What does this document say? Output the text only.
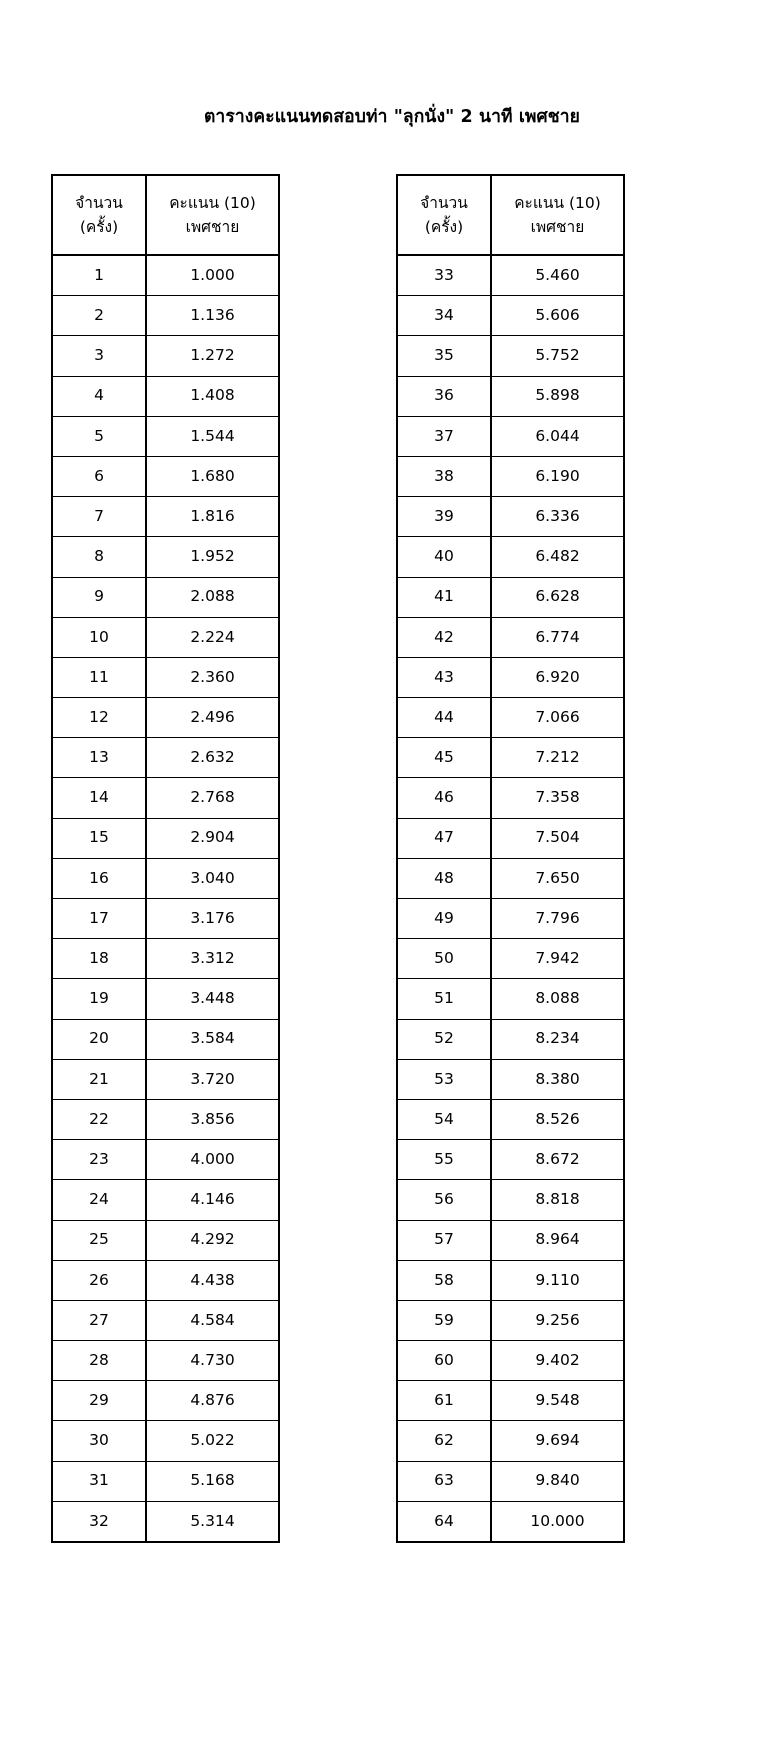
ตารางคะแนนทดสอบท่า "ลุกนั่ง" 2 นาที เพศชาย
จำนวน
(ครั้ง)	คะแนน (10)
เพศชาย

1	1.000
2	1.136
3	1.272
4	1.408
5	1.544
6	1.680
7	1.816
8	1.952
9	2.088
10	2.224
11	2.360
12	2.496
13	2.632
14	2.768
15	2.904
16	3.040
17	3.176
18	3.312
19	3.448
20	3.584
21	3.720
22	3.856
23	4.000
24	4.146
25	4.292
26	4.438
27	4.584
28	4.730
29	4.876
30	5.022
31	5.168
32	5.314
จำนวน
(ครั้ง)	คะแนน (10)
เพศชาย

33	5.460
34	5.606
35	5.752
36	5.898
37	6.044
38	6.190
39	6.336
40	6.482
41	6.628
42	6.774
43	6.920
44	7.066
45	7.212
46	7.358
47	7.504
48	7.650
49	7.796
50	7.942
51	8.088
52	8.234
53	8.380
54	8.526
55	8.672
56	8.818
57	8.964
58	9.110
59	9.256
60	9.402
61	9.548
62	9.694
63	9.840
64	10.000
